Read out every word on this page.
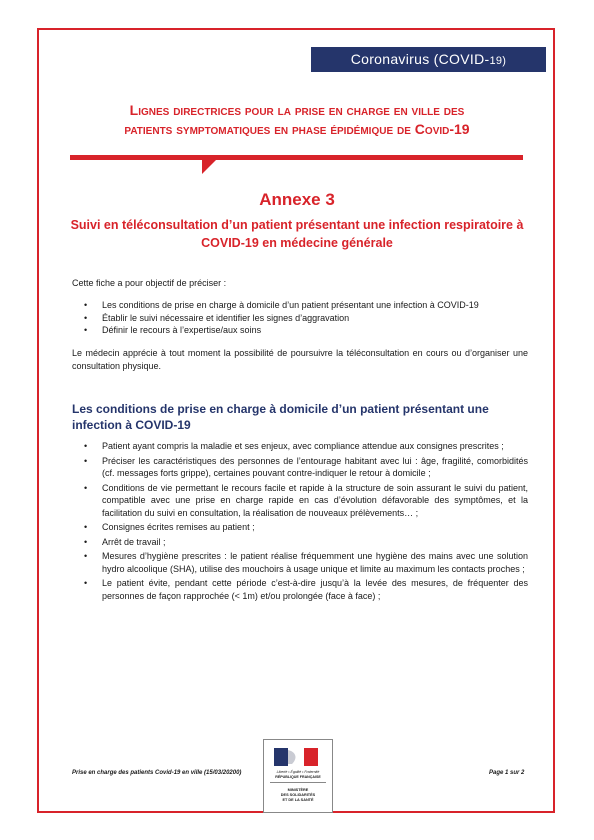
Coronavirus (COVID-19)
Lignes directrices pour la prise en charge en ville des
patients symptomatiques en phase épidémique de Covid-19
Annexe 3
Suivi en téléconsultation d’un patient présentant une infection respiratoire à
COVID-19 en médecine générale
Cette fiche a pour objectif de préciser :
• Les conditions de prise en charge à domicile d’un patient présentant une infection à COVID-19
• Établir le suivi nécessaire et identifier les signes d’aggravation
• Définir le recours à l’expertise/aux soins
Le médecin apprécie à tout moment la possibilité de poursuivre la téléconsultation en cours ou d’organiser une consultation physique.
Les conditions de prise en charge à domicile d’un patient présentant une infection à COVID-19
• Patient ayant compris la maladie et ses enjeux, avec compliance attendue aux consignes prescrites ;
• Préciser les caractéristiques des personnes de l’entourage habitant avec lui : âge, fragilité, comorbidités (cf. messages forts grippe), certaines pouvant contre-indiquer le retour à domicile ;
• Conditions de vie permettant le recours facile et rapide à la structure de soin assurant le suivi du patient, compatible avec une prise en charge rapide en cas d’évolution défavorable des symptômes, et la facilitation du suivi en consultation, la réalisation de nouveaux prélèvements… ;
• Consignes écrites remises au patient ;
• Arrêt de travail ;
• Mesures d’hygiène prescrites : le patient réalise fréquemment une hygiène des mains avec une solution hydro alcoolique (SHA), utilise des mouchoirs à usage unique et limite au maximum les contacts proches ;
• Le patient évite, pendant cette période c’est-à-dire jusqu’à la levée des mesures, de fréquenter des personnes de façon rapprochée (< 1m) et/ou prolongée (face à face) ;
Prise en charge des patients Covid-19 en ville (15/03/20200)	Page 1 sur 2
Liberté • Égalité • Fraternité
RÉPUBLIQUE FRANÇAISE
MINISTÈRE
DES SOLIDARITÉS
ET DE LA SANTÉ
